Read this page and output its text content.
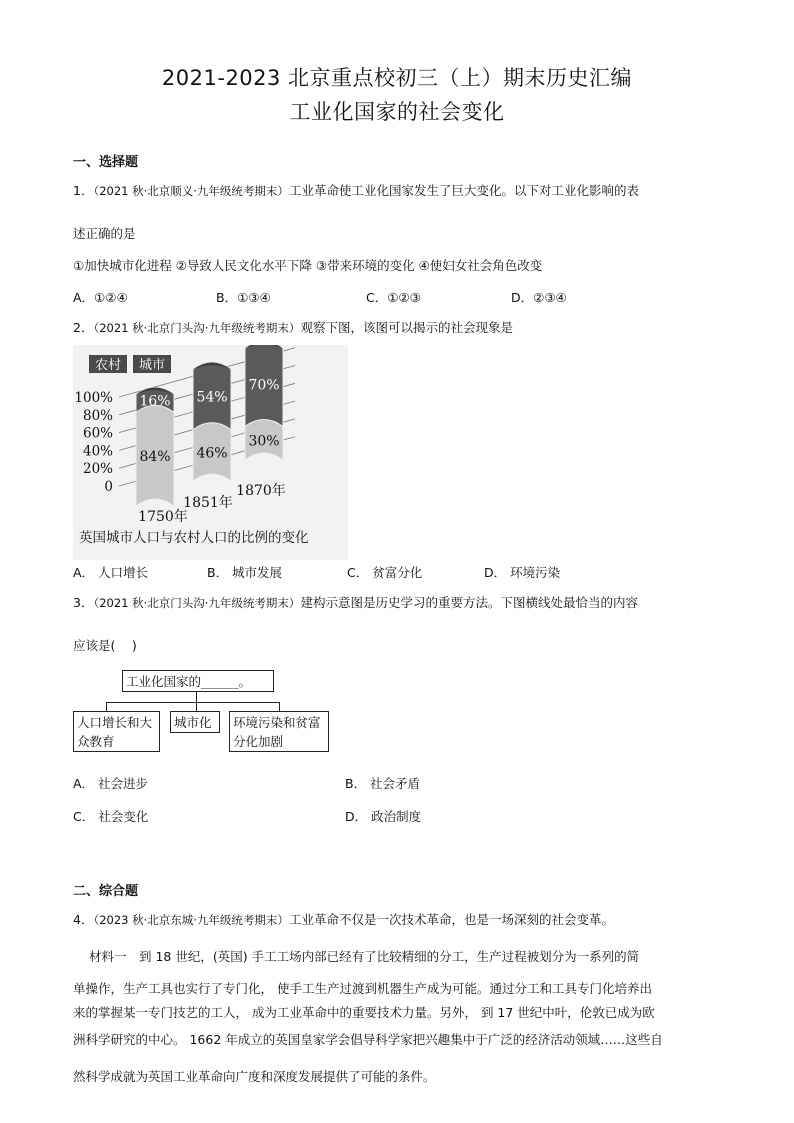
2021-2023 北京重点校初三（上）期末历史汇编
工业化国家的社会变化
一、选择题
1．（2021 秋·北京顺义·九年级统考期末）工业革命使工业化国家发生了巨大变化。以下对工业化影响的表
述正确的是
①加快城市化进程 ②导致人民文化水平下降 ③带来环境的变化 ④使妇女社会角色改变
A．①②④	B．①③④	C．①②③	D．②③④
2．（2021 秋·北京门头沟·九年级统考期末）观察下图，该图可以揭示的社会现象是
农村 城市
100%
80%
60%
40%
20%
0
16%
84%
54%
46%
70%
30%
1750年
1851年
1870年
英国城市人口与农村人口的比例的变化
A． 人口增长	B． 城市发展	C． 贫富分化	D． 环境污染
3．（2021 秋·北京门头沟·九年级统考期末）建构示意图是历史学习的重要方法。下图横线处最恰当的内容
应该是(　 )
工业化国家的______。
人口增长和大众教育
城市化	环境污染和贫富分化加剧
A． 社会进步	B． 社会矛盾
C． 社会变化	D． 政治制度
二、综合题
4．（2023 秋·北京东城·九年级统考期末）工业革命不仅是一次技术革命，也是一场深刻的社会变革。
材料一　到 18 世纪，(英国) 手工工场内部已经有了比较精细的分工，生产过程被划分为一系列的简
单操作，生产工具也实行了专门化， 使手工生产过渡到机器生产成为可能。通过分工和工具专门化培养出
来的掌握某一专门技艺的工人， 成为工业革命中的重要技术力量。另外， 到 17 世纪中叶，伦敦已成为欧
洲科学研究的中心。 1662 年成立的英国皇家学会倡导科学家把兴趣集中于广泛的经济活动领域……这些自
然科学成就为英国工业革命向广度和深度发展提供了可能的条件。
